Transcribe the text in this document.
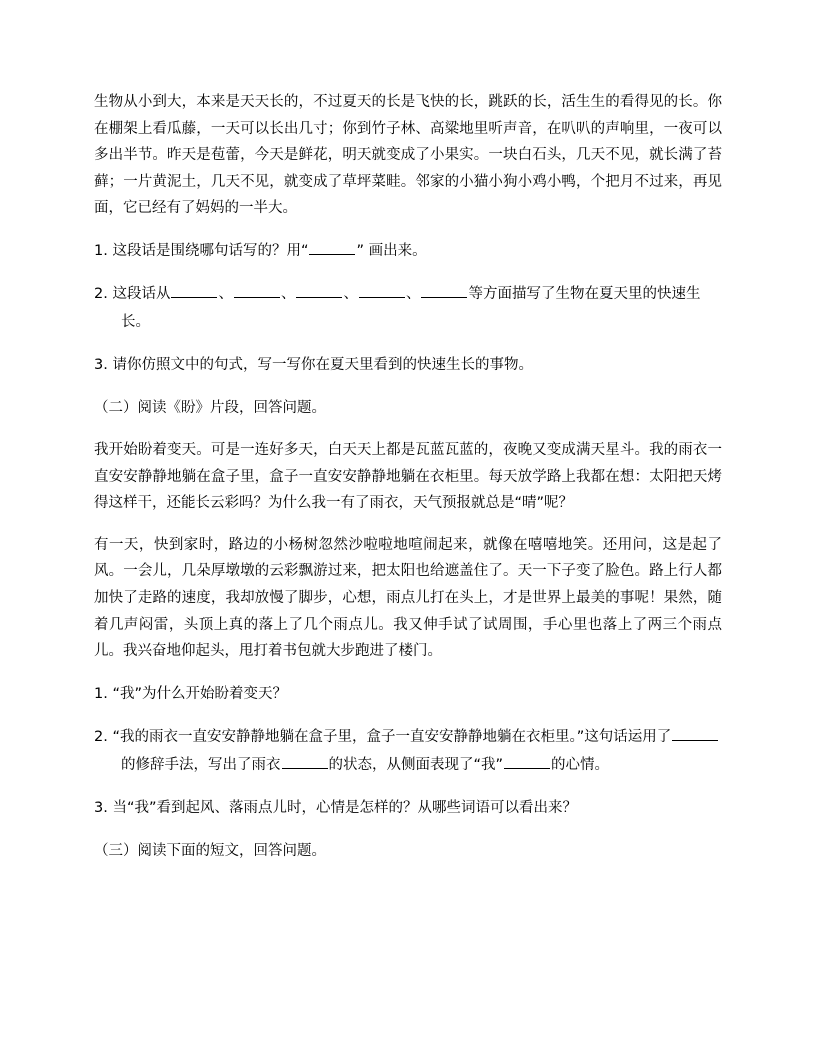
生物从小到大，本来是天天长的，不过夏天的长是飞快的长，跳跃的长，活生生的看得见的长。你在棚架上看瓜藤，一天可以长出几寸；你到竹子林、高粱地里听声音，在叭叭的声响里，一夜可以多出半节。昨天是苞蕾，今天是鲜花，明天就变成了小果实。一块白石头，几天不见，就长满了苔藓；一片黄泥土，几天不见，就变成了草坪菜畦。邻家的小猫小狗小鸡小鸭，个把月不过来，再见面，它已经有了妈妈的一半大。

1. 这段话是围绕哪句话写的？用“	” 画出来。

2. 这段话从	、	、	、	、	等方面描写了生物在夏天里的快速生长。

3. 请你仿照文中的句式，写一写你在夏天里看到的快速生长的事物。

（二）阅读《盼》片段，回答问题。

我开始盼着变天。可是一连好多天，白天天上都是瓦蓝瓦蓝的，夜晚又变成满天星斗。我的雨衣一直安安静静地躺在盒子里，盒子一直安安静静地躺在衣柜里。每天放学路上我都在想：太阳把天烤得这样干，还能长云彩吗？为什么我一有了雨衣，天气预报就总是“晴”呢？

有一天，快到家时，路边的小杨树忽然沙啦啦地喧闹起来，就像在嘻嘻地笑。还用问，这是起了风。一会儿，几朵厚墩墩的云彩飘游过来，把太阳也给遮盖住了。天一下子变了脸色。路上行人都加快了走路的速度，我却放慢了脚步，心想，雨点儿打在头上，才是世界上最美的事呢！果然，随着几声闷雷，头顶上真的落上了几个雨点儿。我又伸手试了试周围，手心里也落上了两三个雨点儿。我兴奋地仰起头，甩打着书包就大步跑进了楼门。

1. “我”为什么开始盼着变天？

2. “我的雨衣一直安安静静地躺在盒子里，盒子一直安安静静地躺在衣柜里。”这句话运用了的修辞手法，写出了雨衣	的状态，从侧面表现了“我”	的心情。

3. 当“我”看到起风、落雨点儿时，心情是怎样的？从哪些词语可以看出来？

（三）阅读下面的短文，回答问题。
